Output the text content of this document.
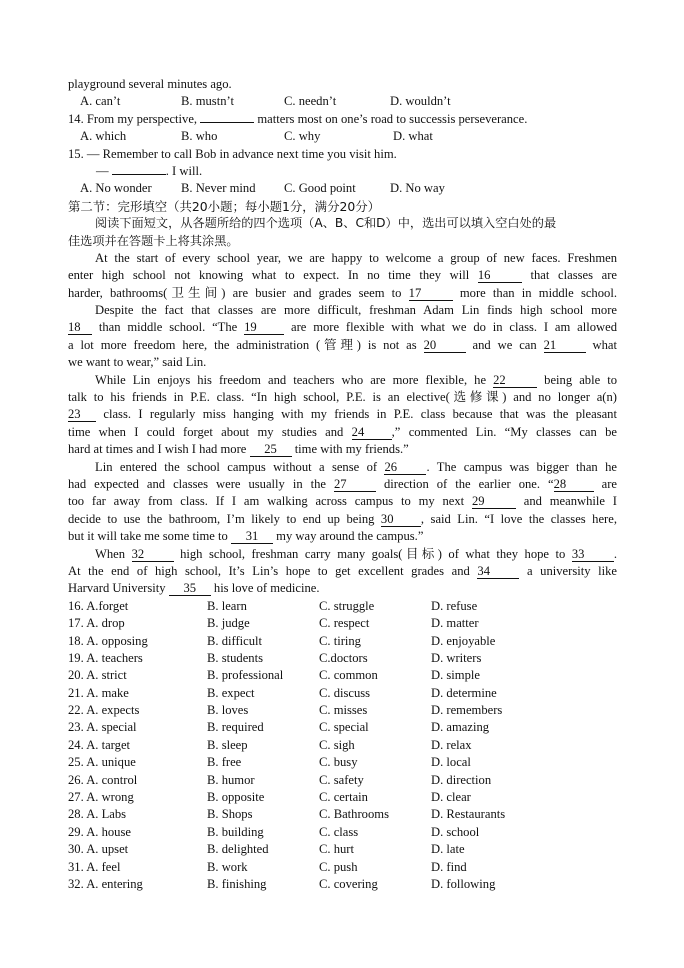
playground several minutes ago.
A. can’t	B. mustn’t	C. needn’t	D. wouldn’t
14. From my perspective,	matters most on one’s road to successis perseverance.
A. which	B. who	C. why	D. what
15. — Remember to call Bob in advance next time you visit him.
—	. I will.
A. No wonder B. Never mind C. Good point	D. No way
第二节：完形填空（共20小题；每小题1分，满分20分）
阅读下面短文，从各题所给的四个选项（A、B、C和D）中，选出可以填入空白处的最
佳选项并在答题卡上将其涂黑。
At the start of every school year, we are happy to welcome a group of new faces. Freshmen
enter high school not knowing what to expect. In no time they will 16	that classes are
harder, bathrooms(卫生间) are busier and grades seem to 17	more than in middle school.
Despite the fact that classes are more difficult, freshman Adam Lin finds high school more
18 than middle school. “The 19	are more flexible with what we do in class. I am allowed
a lot more freedom here, the administration (管理) is not as 20	and we can 21	what
we want to wear,” said Lin.
While Lin enjoys his freedom and teachers who are more flexible, he 22	being able to
talk to his friends in P.E. class. “In high school, P.E. is an elective(选修课) and no longer a(n)
23 class. I regularly miss hanging with my friends in P.E. class because that was the pleasant
time when I could forget about my studies and 24 ,” commented Lin. “My classes can be
hard at times and I wish I had more 25 time with my friends.”
Lin entered the school campus without a sense of 26 . The campus was bigger than he
had expected and classes were usually in the 27	direction of the earlier one. “28	are
too far away from class. If I am walking across campus to my next 29	and meanwhile I
decide to use the bathroom, I’m likely to end up being 30 , said Lin. “I love the classes here,
but it will take me some time to 31 my way around the campus.”
When 32	high school, freshman carry many goals(目标) of what they hope to 33 .
At the end of high school, It’s Lin’s hope to get excellent grades and 34	a university like
Harvard University 35 his love of medicine.
16. A.forget	B. learn	C. struggle	D. refuse
17. A. drop	B. judge	C. respect	D. matter
18. A. opposing	B. difficult	C. tiring	D. enjoyable
19. A. teachers	B. students	C.doctors	D. writers
20. A. strict	B. professional	C. common	D. simple
21. A. make	B. expect	C. discuss	D. determine
22. A. expects	B. loves	C. misses	D. remembers
23. A. special	B. required	C. special	D. amazing
24. A. target	B. sleep	C. sigh	D. relax
25. A. unique	B. free	C. busy	D. local
26. A. control	B. humor	C. safety	D. direction
27. A. wrong	B. opposite	C. certain	D. clear
28. A. Labs	B. Shops	C. Bathrooms	D. Restaurants
29. A. house	B. building	C. class	D. school
30. A. upset	B. delighted	C. hurt	D. late
31. A. feel	B. work	C. push	D. find
32. A. entering	B. finishing	C. covering	D. following
